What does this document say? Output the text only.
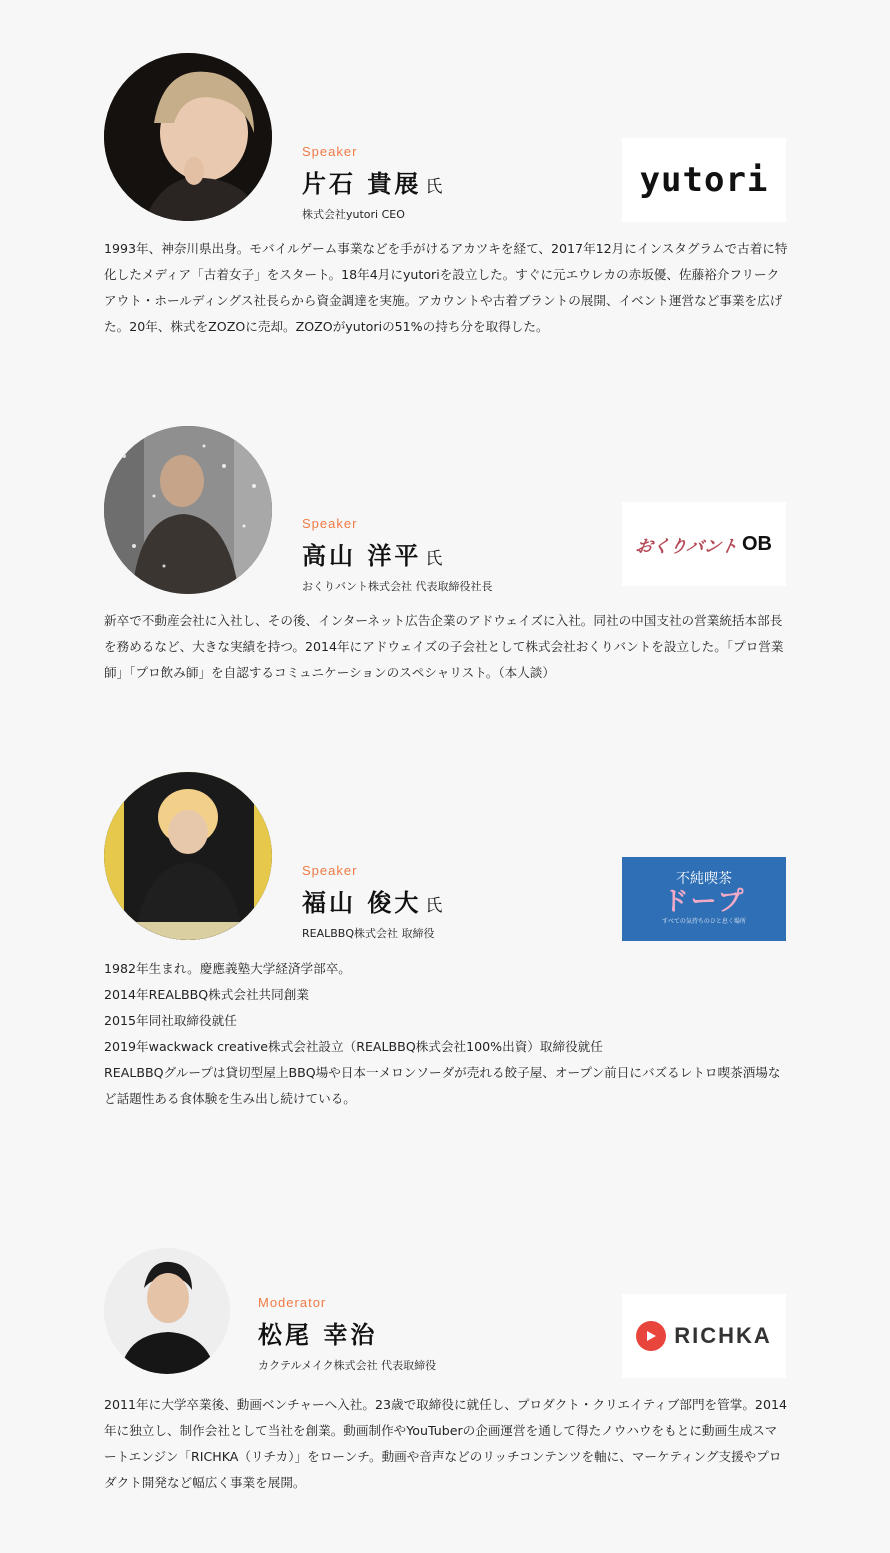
Speaker
片石 貴展 氏
株式会社yutori CEO
yutori

1993年、神奈川県出身。モバイルゲーム事業などを手がけるアカツキを経て、2017年12月にインスタグラムで古着に特化したメディア「古着女子」をスタート。18年4月にyutoriを設立した。すぐに元エウレカの赤坂優、佐藤裕介フリークアウト・ホールディングス社長らから資金調達を実施。アカウントや古着ブラントの展開、イベント運営など事業を広げた。20年、株式をZOZOに売却。ZOZOがyutoriの51%の持ち分を取得した。

Speaker
高山 洋平 氏
おくりバント株式会社 代表取締役社長
おくりバント OB

新卒で不動産会社に入社し、その後、インターネット広告企業のアドウェイズに入社。同社の中国支社の営業統括本部長を務めるなど、大きな実績を持つ。2014年にアドウェイズの子会社として株式会社おくりバントを設立した。「プロ営業師」「プロ飲み師」を自認するコミュニケーションのスペシャリスト。（本人談）

Speaker
福山 俊大 氏
REALBBQ株式会社 取締役
不純喫茶
ドープ
すべての気持ちのひと息く場所

1982年生まれ。慶應義塾大学経済学部卒。

2014年REALBBQ株式会社共同創業

2015年同社取締役就任

2019年wackwack creative株式会社設立（REALBBQ株式会社100%出資）取締役就任

REALBBQグループは貸切型屋上BBQ場や日本一メロンソーダが売れる餃子屋、オープン前日にバズるレトロ喫茶酒場など話題性ある食体験を生み出し続けている。

Moderator
松尾 幸治
カクテルメイク株式会社 代表取締役
RICHKA

2011年に大学卒業後、動画ベンチャーへ入社。23歳で取締役に就任し、プロダクト・クリエイティブ部門を管掌。2014年に独立し、制作会社として当社を創業。動画制作やYouTuberの企画運営を通して得たノウハウをもとに動画生成スマートエンジン「RICHKA（リチカ）」をローンチ。動画や音声などのリッチコンテンツを軸に、マーケティング支援やプロダクト開発など幅広く事業を展開。
